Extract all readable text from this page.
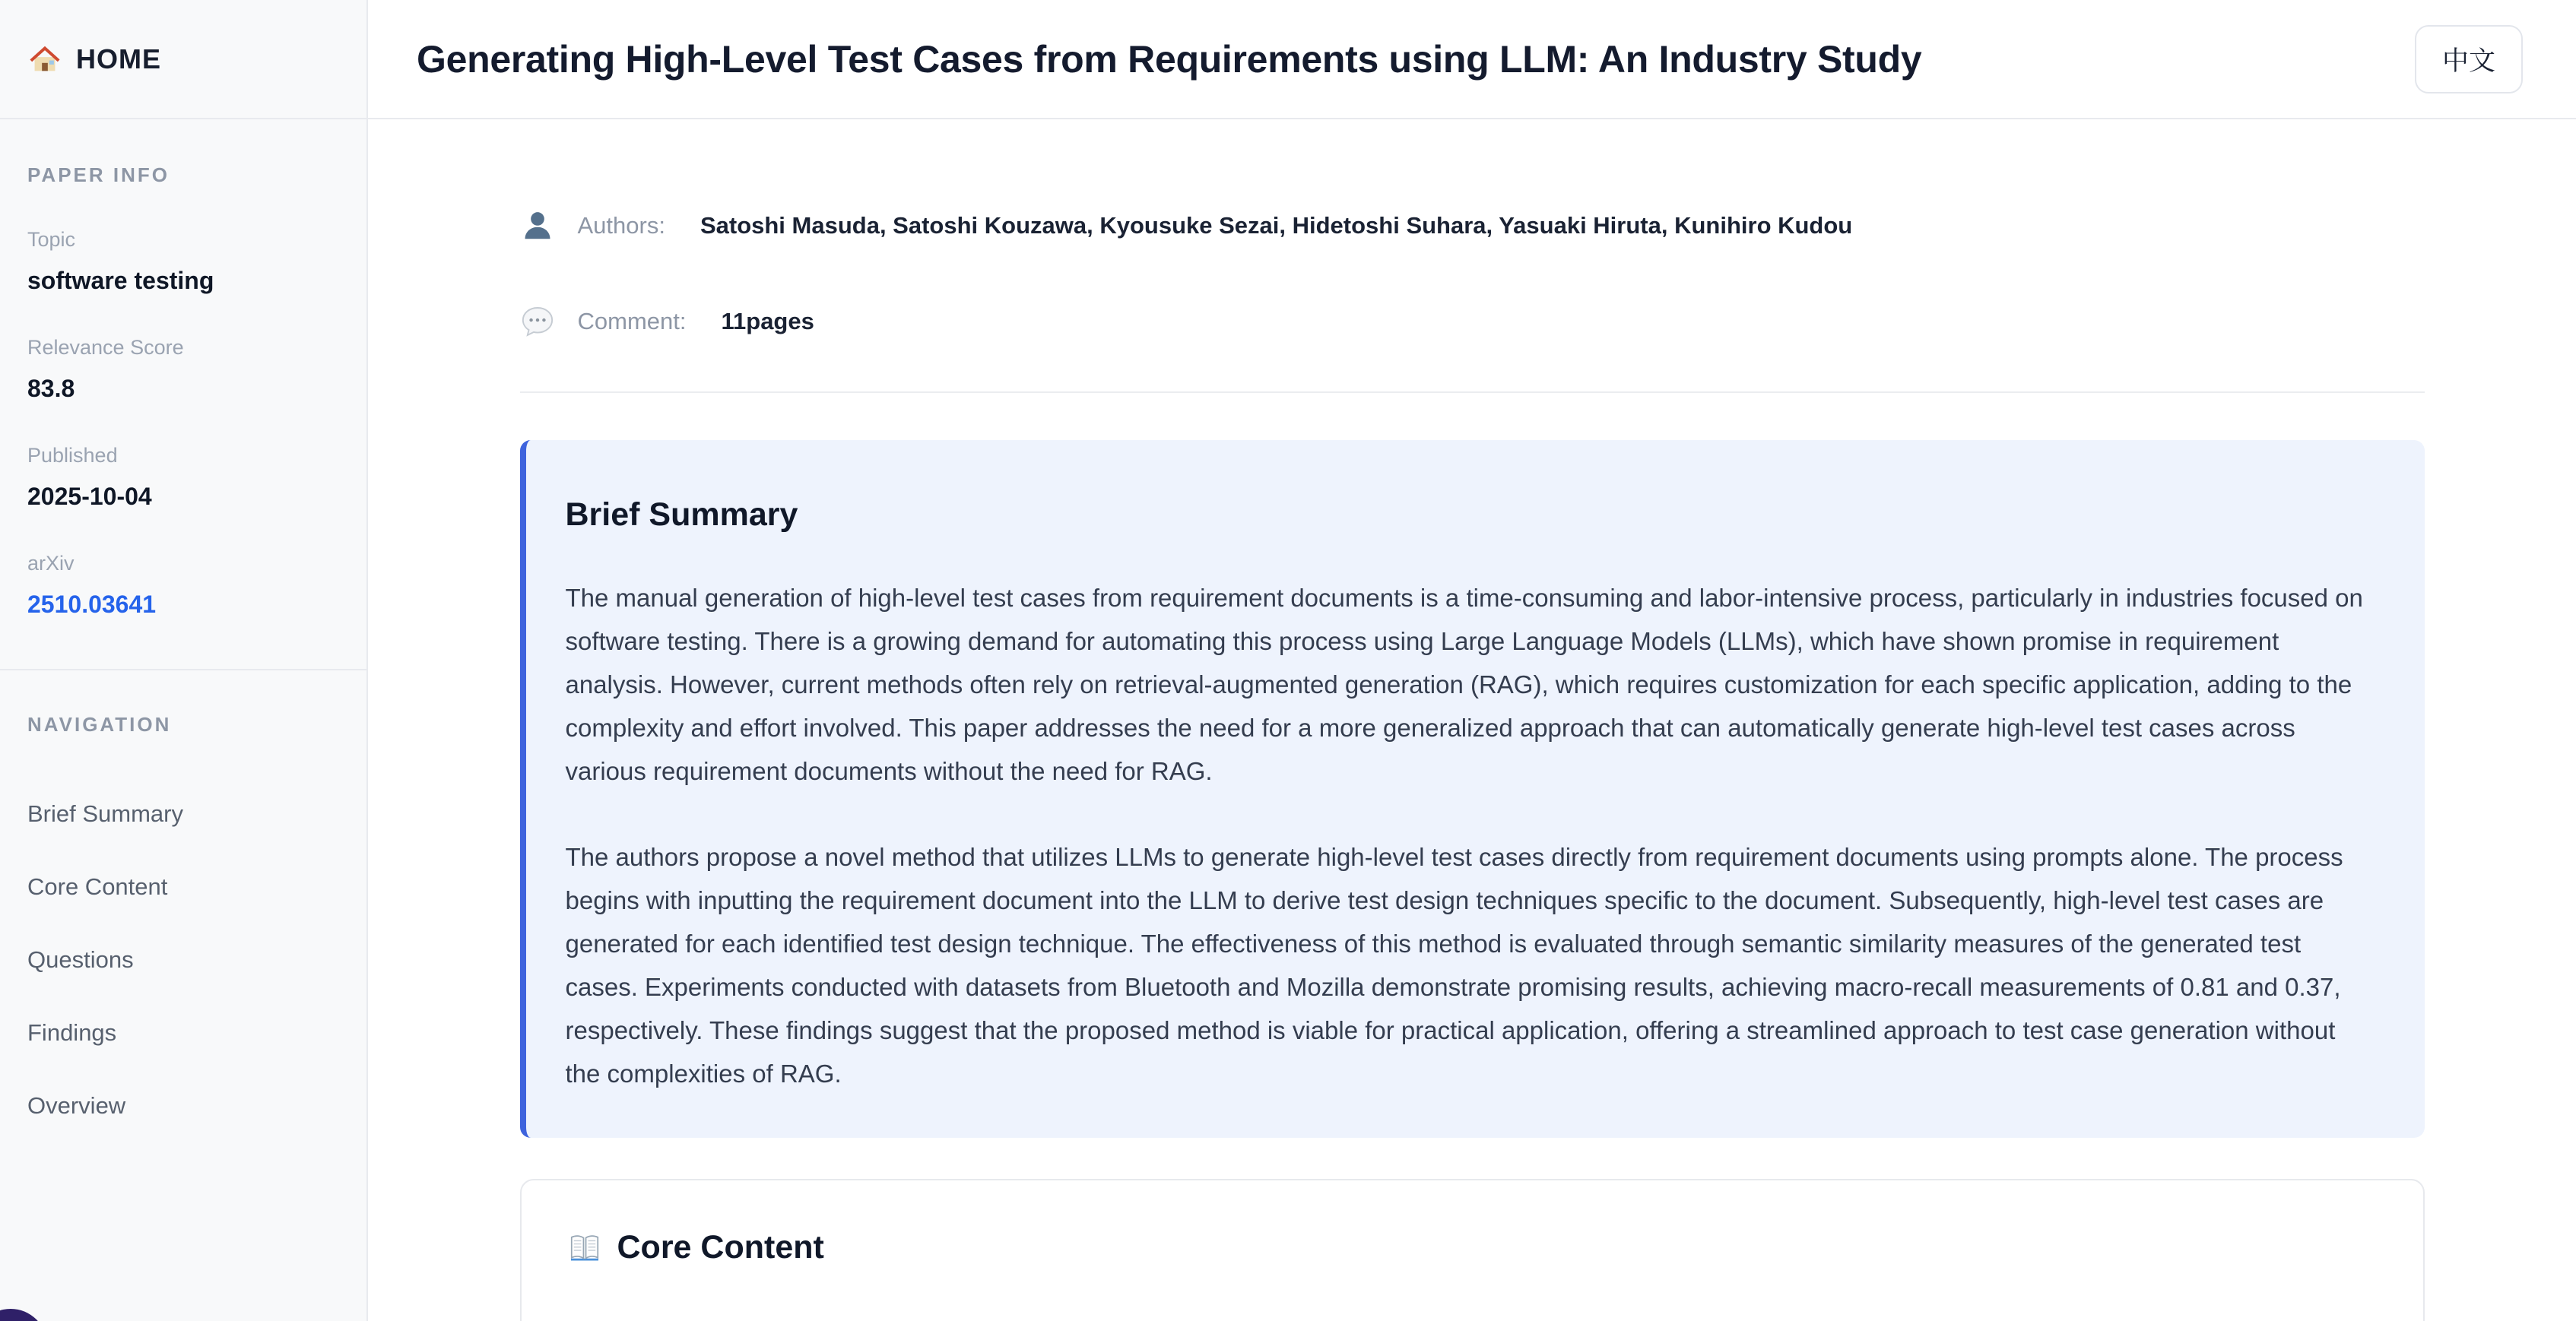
HOME
PAPER INFO
Topic
software testing
Relevance Score
83.8
Published
2025-10-04
arXiv
2510.03641
NAVIGATION
Brief Summary
Core Content
Questions
Findings
Overview
Generating High-Level Test Cases from Requirements using LLM: An Industry Study	中文
Authors: Satoshi Masuda, Satoshi Kouzawa, Kyousuke Sezai, Hidetoshi Suhara, Yasuaki Hiruta, Kunihiro Kudou
Comment: 11pages
Brief Summary

The manual generation of high-level test cases from requirement documents is a time-consuming and labor-intensive process, particularly in industries focused on software testing. There is a growing demand for automating this process using Large Language Models (LLMs), which have shown promise in requirement analysis. However, current methods often rely on retrieval-augmented generation (RAG), which requires customization for each specific application, adding to the complexity and effort involved. This paper addresses the need for a more generalized approach that can automatically generate high-level test cases across various requirement documents without the need for RAG.

The authors propose a novel method that utilizes LLMs to generate high-level test cases directly from requirement documents using prompts alone. The process begins with inputting the requirement document into the LLM to derive test design techniques specific to the document. Subsequently, high-level test cases are generated for each identified test design technique. The effectiveness of this method is evaluated through semantic similarity measures of the generated test cases. Experiments conducted with datasets from Bluetooth and Mozilla demonstrate promising results, achieving macro-recall measurements of 0.81 and 0.37, respectively. These findings suggest that the proposed method is viable for practical application, offering a streamlined approach to test case generation without the complexities of RAG.

Core Content
